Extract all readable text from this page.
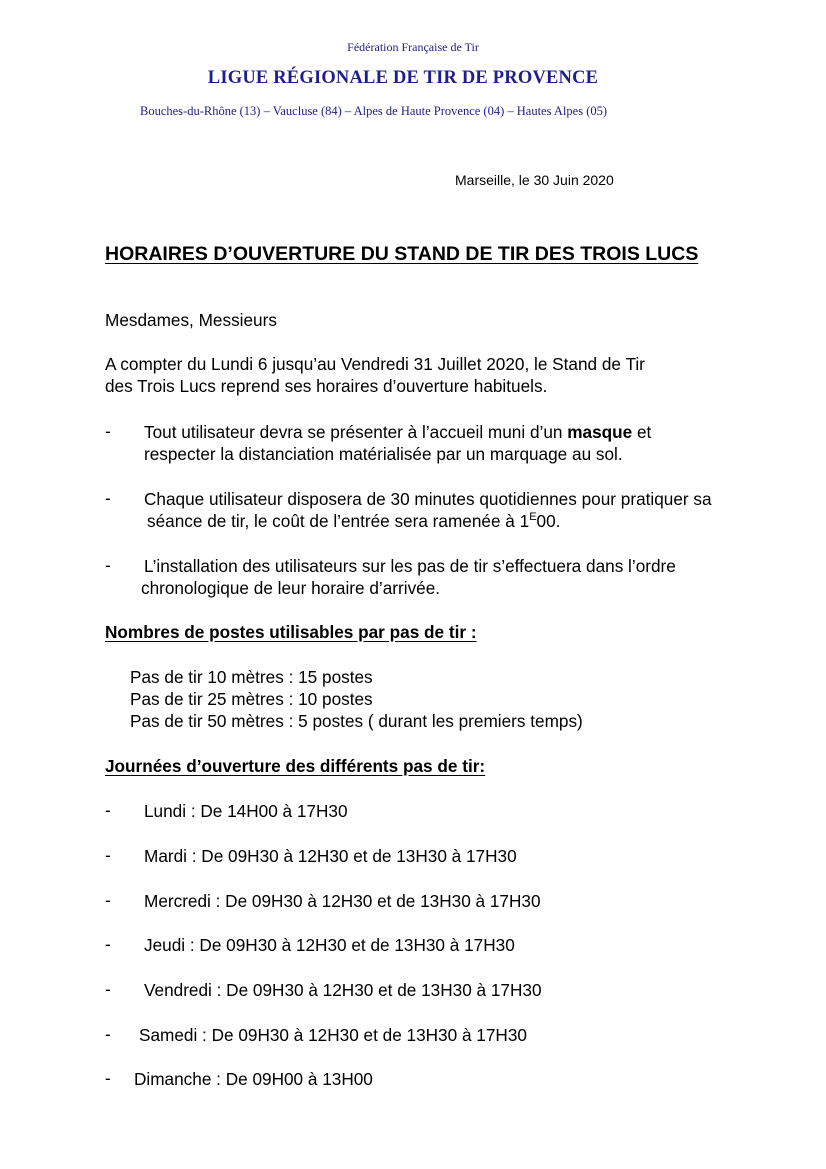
Fédération Française de Tir
LIGUE RÉGIONALE DE TIR DE PROVENCE
Bouches-du-Rhône (13) – Vaucluse (84) – Alpes de Haute Provence (04) – Hautes Alpes (05)
Marseille, le 30 Juin 2020
HORAIRES D’OUVERTURE DU STAND DE TIR DES TROIS LUCS
Mesdames, Messieurs
A compter du Lundi 6 jusqu’au Vendredi 31 Juillet 2020, le Stand de Tir
des Trois Lucs reprend ses horaires d’ouverture habituels.
- Tout utilisateur devra se présenter à l’accueil muni d’un masque et
respecter la distanciation matérialisée par un marquage au sol.
- Chaque utilisateur disposera de 30 minutes quotidiennes pour pratiquer sa
séance de tir, le coût de l’entrée sera ramenée à $1^E00$.
- L’installation des utilisateurs sur les pas de tir s’effectuera dans l’ordre
chronologique de leur horaire d’arrivée.
Nombres de postes utilisables par pas de tir :
Pas de tir 10 mètres : 15 postes
Pas de tir 25 mètres : 10 postes
Pas de tir 50 mètres : 5 postes ( durant les premiers temps)
Journées d’ouverture des différents pas de tir:
- Lundi : De 14H00 à 17H30
- Mardi : De 09H30 à 12H30 et de 13H30 à 17H30
- Mercredi : De 09H30 à 12H30 et de 13H30 à 17H30
- Jeudi : De 09H30 à 12H30 et de 13H30 à 17H30
- Vendredi : De 09H30 à 12H30 et de 13H30 à 17H30
- Samedi : De 09H30 à 12H30 et de 13H30 à 17H30
- Dimanche : De 09H00 à 13H00
